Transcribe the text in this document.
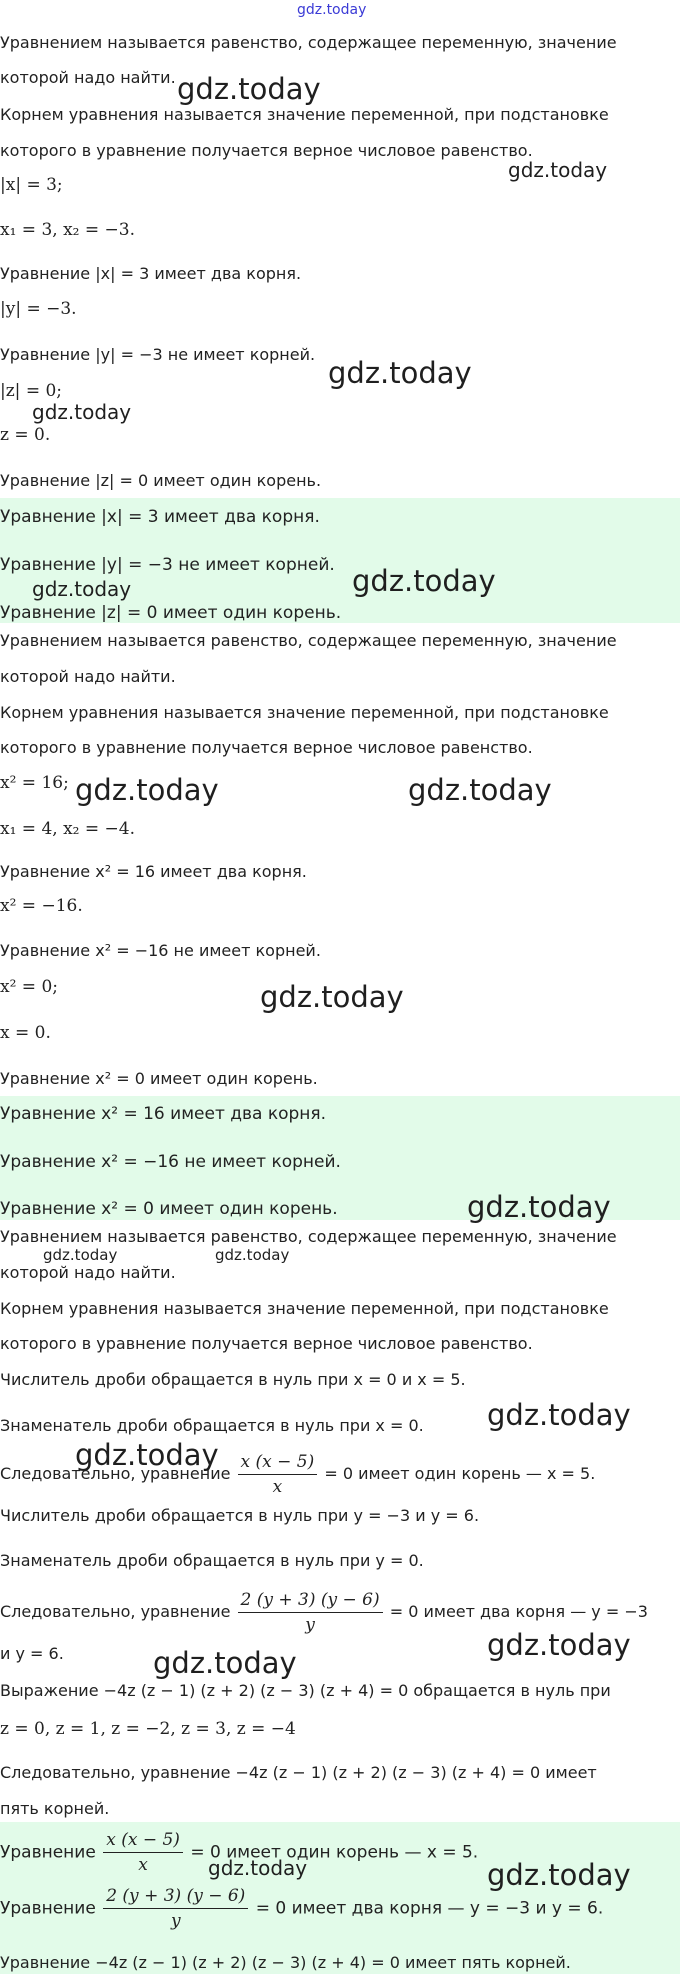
gdz.today
Уравнением называется равенство, содержащее переменную, значение
которой надо найти.
Корнем уравнения называется значение переменной, при подстановке
которого в уравнение получается верное числовое равенство.
|x| = 3;
x₁ = 3, x₂ = −3.
Уравнение |x| = 3 имеет два корня.
|y| = −3.
Уравнение |y| = −3 не имеет корней.
|z| = 0;
z = 0.
Уравнение |z| = 0 имеет один корень.
Уравнение |x| = 3 имеет два корня.
Уравнение |y| = −3 не имеет корней.
Уравнение |z| = 0 имеет один корень.
Уравнением называется равенство, содержащее переменную, значение
которой надо найти.
Корнем уравнения называется значение переменной, при подстановке
которого в уравнение получается верное числовое равенство.
x² = 16;
x₁ = 4, x₂ = −4.
Уравнение x² = 16 имеет два корня.
x² = −16.
Уравнение x² = −16 не имеет корней.
x² = 0;
x = 0.
Уравнение x² = 0 имеет один корень.
Уравнение x² = 16 имеет два корня.
Уравнение x² = −16 не имеет корней.
Уравнение x² = 0 имеет один корень.
Уравнением называется равенство, содержащее переменную, значение
которой надо найти.
Корнем уравнения называется значение переменной, при подстановке
которого в уравнение получается верное числовое равенство.
Числитель дроби обращается в нуль при x = 0 и x = 5.
Знаменатель дроби обращается в нуль при x = 0.
Следовательно, уравнение $\frac{x (x - 5)}{x} = 0$ имеет один корень — x = 5.
Числитель дроби обращается в нуль при y = −3 и y = 6.
Знаменатель дроби обращается в нуль при y = 0.
Следовательно, уравнение $\frac{2 (y + 3) (y - 6)}{y} = 0$ имеет два корня — y = −3
и y = 6.
Выражение −4z (z − 1) (z + 2) (z − 3) (z + 4) = 0 обращается в нуль при
z = 0, z = 1, z = −2, z = 3, z = −4
Следовательно, уравнение −4z (z − 1) (z + 2) (z − 3) (z + 4) = 0 имеет
пять корней.
Уравнение $\frac{x (x - 5)}{x} = 0$ имеет один корень — x = 5.
Уравнение $\frac{2 (y + 3) (y - 6)}{y} = 0$ имеет два корня — y = −3 и y = 6.
Уравнение −4z (z − 1) (z + 2) (z − 3) (z + 4) = 0 имеет пять корней.
gdz.today
gdz.today
gdz.today
gdz.today
gdz.today
gdz.today
gdz.today	gdz.today
gdz.today
gdz.today
gdz.today	gdz.today
gdz.today
gdz.today
gdz.today
gdz.today
gdz.today	gdz.today
